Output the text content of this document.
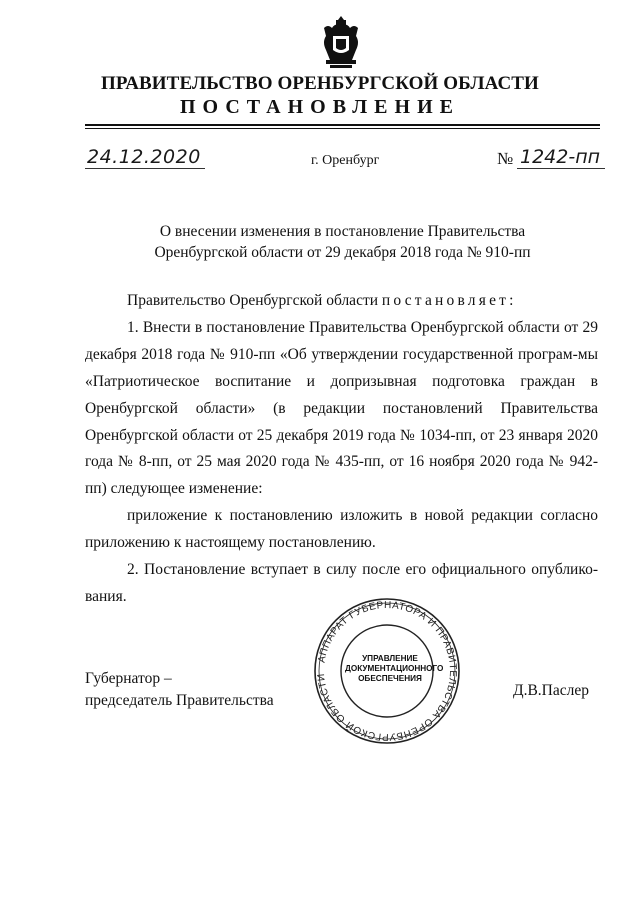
ПРАВИТЕЛЬСТВО ОРЕНБУРГСКОЙ ОБЛАСТИ
ПОСТАНОВЛЕНИЕ
24.12.2020	г. Оренбург	№ 1242-пп
О внесении изменения в постановление Правительства
Оренбургской области от 29 декабря 2018 года № 910-пп

Правительство Оренбургской области постановляет:

1. Внести в постановление Правительства Оренбургской области от 29 декабря 2018 года № 910-пп «Об утверждении государственной програм-мы «Патриотическое воспитание и допризывная подготовка граждан в Оренбургской области» (в редакции постановлений Правительства Оренбургской области от 25 декабря 2019 года № 1034-пп, от 23 января 2020 года № 8-пп, от 25 мая 2020 года № 435-пп, от 16 ноября 2020 года № 942-пп) следующее изменение:

приложение к постановлению изложить в новой редакции согласно приложению к настоящему постановлению.

2. Постановление вступает в силу после его официального опублико-вания.

АППАРАТ ГУБЕРНАТОРА И ПРАВИТЕЛЬСТВА ОРЕНБУРГСКОЙ ОБЛАСТИ
УПРАВЛЕНИЕ
ДОКУМЕНТАЦИОННОГО
ОБЕСПЕЧЕНИЯ
Губернатор –
председатель Правительства
Д.В.Паслер
